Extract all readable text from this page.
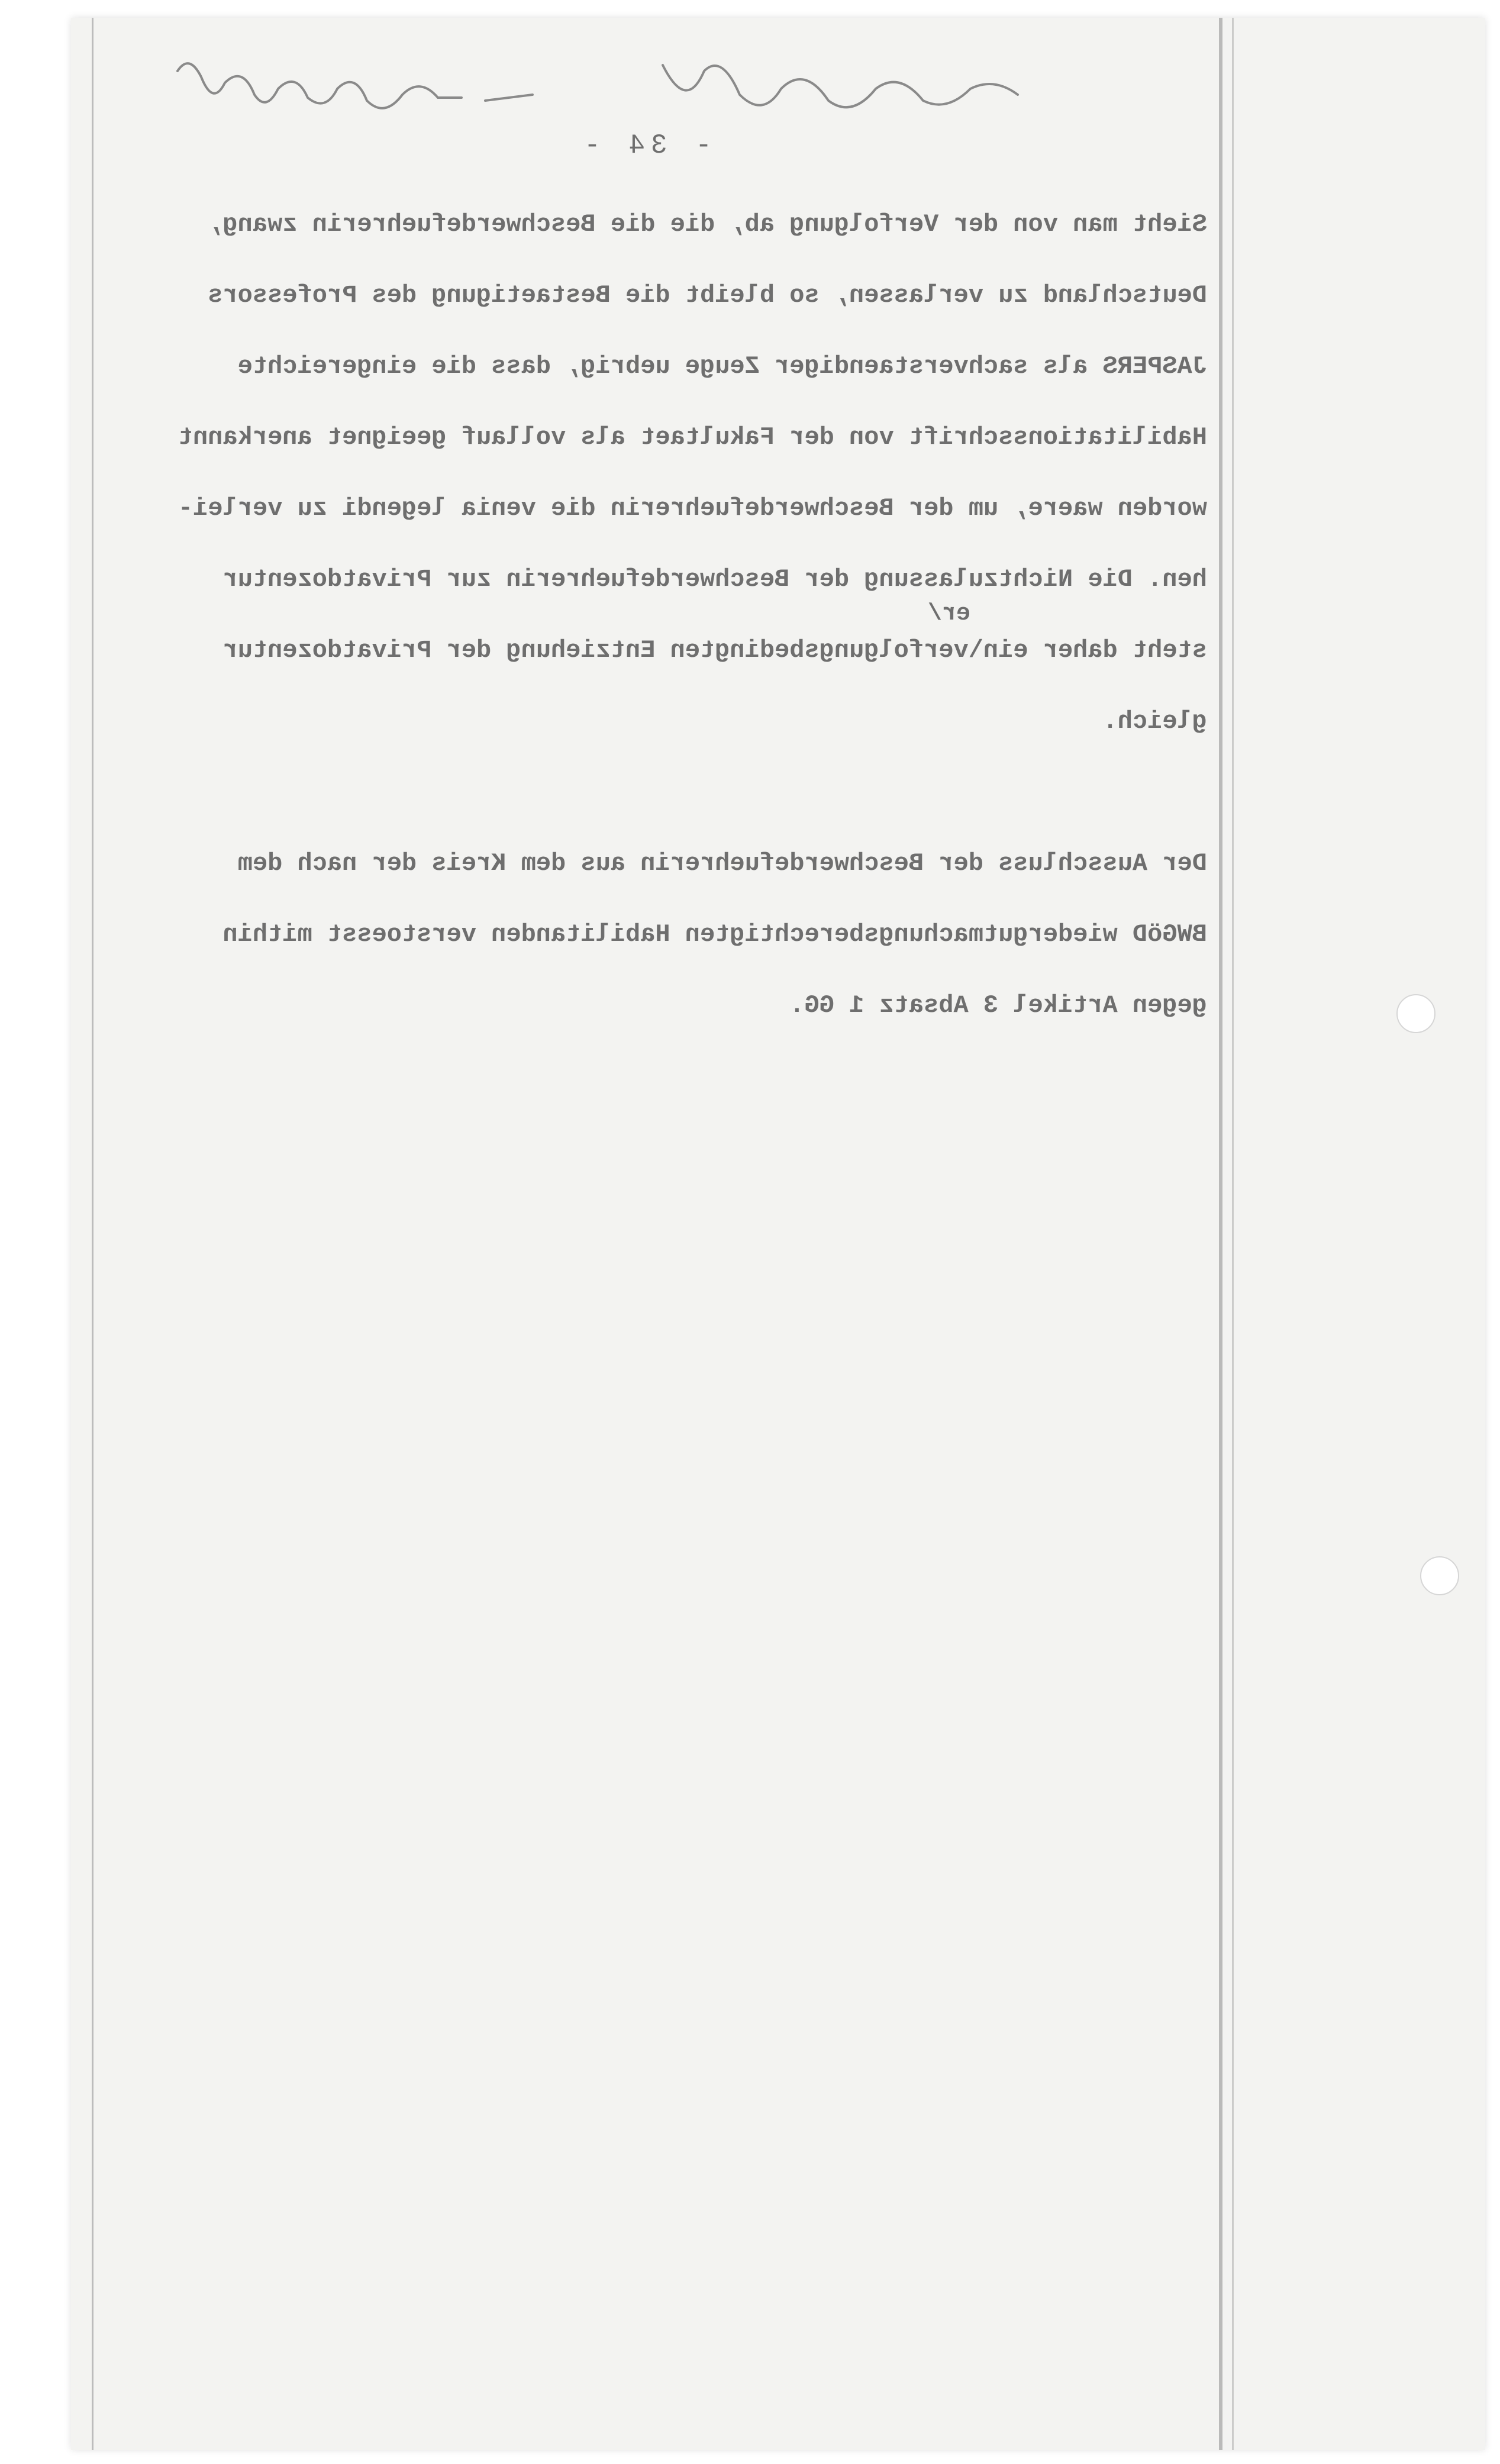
- 34 -
Sieht man von der Verfolgung ab, die die Beschwerdefuehrerin zwang,
Deutschland zu verlassen, so bleibt die Bestaetigung des Professors
JASPERS als sachverstaendiger Zeuge uebrig, dass die eingereichte
Habilitationsschrift von der Fakultaet als vollauf geeignet anerkannt
worden waere, um der Beschwerdefuehrerin die venia legendi zu verlei-
hen. Die Nichtzulassung der Beschwerdefuehrerin zur Privatdozentur
er/
steht daher ein\verfolgungsbedingten Entziehung der Privatdozentur
gleich.
Der Ausschluss der Beschwerdefuehrerin aus dem Kreis der nach dem
BWGöD wiedergutmachungsberechtigten Habilitanden verstoesst mithin
gegen Artikel 3 Absatz 1 GG.
